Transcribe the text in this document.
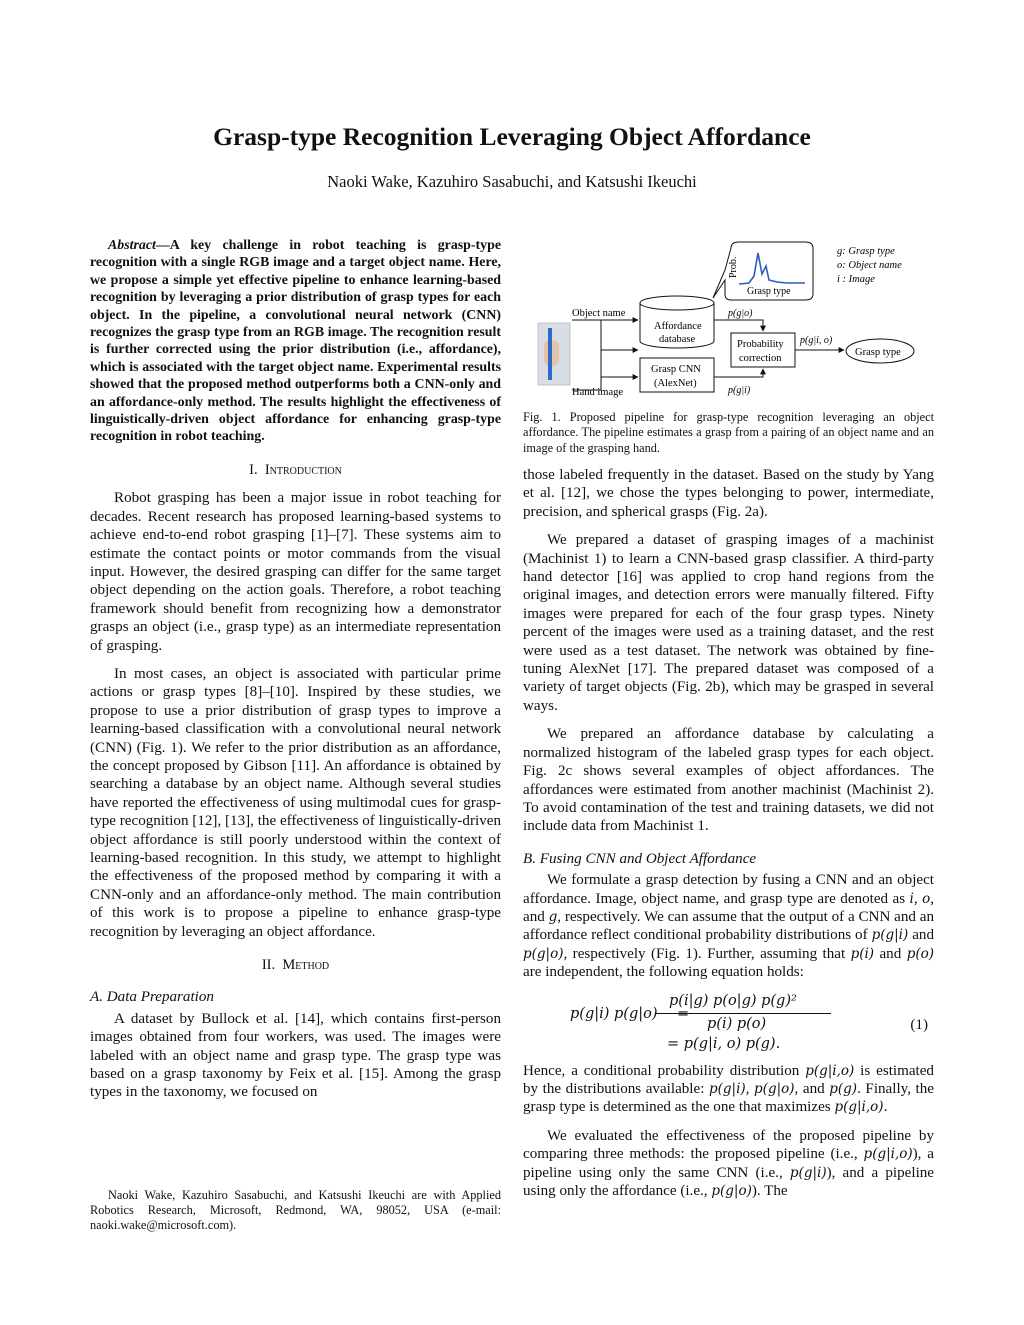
Grasp-type Recognition Leveraging Object Affordance
Naoki Wake, Kazuhiro Sasabuchi, and Katsushi Ikeuchi

Abstract—A key challenge in robot teaching is grasp-type recognition with a single RGB image and a target object name. Here, we propose a simple yet effective pipeline to enhance learning-based recognition by leveraging a prior distribution of grasp types for each object. In the pipeline, a convolutional neural network (CNN) recognizes the grasp type from an RGB image. The recognition result is further corrected using the prior distribution (i.e., affordance), which is associated with the target object name. Experimental results showed that the proposed method outperforms both a CNN-only and an affordance-only method. The results highlight the effectiveness of linguistically-driven object affordance for enhancing grasp-type recognition in robot teaching.

I. Introduction

Robot grasping has been a major issue in robot teaching for decades. Recent research has proposed learning-based systems to achieve end-to-end robot grasping [1]–[7]. These systems aim to estimate the contact points or motor commands from the visual input. However, the desired grasping can differ for the same target object depending on the action goals. Therefore, a robot teaching framework should benefit from recognizing how a demonstrator grasps an object (i.e., grasp type) as an intermediate representation of grasping.

In most cases, an object is associated with particular prime actions or grasp types [8]–[10]. Inspired by these studies, we propose to use a prior distribution of grasp types to improve a learning-based classification with a convolutional neural network (CNN) (Fig. 1). We refer to the prior distribution as an affordance, the concept proposed by Gibson [11]. An affordance is obtained by searching a database by an object name. Although several studies have reported the effectiveness of using multimodal cues for grasp-type recognition [12], [13], the effectiveness of linguistically-driven object affordance is still poorly understood within the context of learning-based recognition. In this study, we attempt to highlight the effectiveness of the proposed method by comparing it with a CNN-only and an affordance-only method. The main contribution of this work is to propose a pipeline to enhance grasp-type recognition by leveraging an object affordance.

II. Method
A. Data Preparation

A dataset by Bullock et al. [14], which contains first-person images obtained from four workers, was used. The images were labeled with an object name and grasp type. The grasp type was based on a grasp taxonomy by Feix et al. [15]. Among the grasp types in the taxonomy, we focused on

Naoki Wake, Kazuhiro Sasabuchi, and Katsushi Ikeuchi are with Applied Robotics Research, Microsoft, Redmond, WA, 98052, USA (e-mail: naoki.wake@microsoft.com).
Prob.
Grasp type
g: Grasp type
o: Object name
i : Image
Object name
Hand image
Affordance
database
Grasp CNN
(AlexNet)
Probability
correction
Grasp type
p(g|o)
p(g|i)
p(g|i, o)
Fig. 1. Proposed pipeline for grasp-type recognition leveraging an object affordance. The pipeline estimates a grasp from a pairing of an object name and an image of the grasping hand.

those labeled frequently in the dataset. Based on the study by Yang et al. [12], we chose the types belonging to power, intermediate, precision, and spherical grasps (Fig. 2a).

We prepared a dataset of grasping images of a machinist (Machinist 1) to learn a CNN-based grasp classifier. A third-party hand detector [16] was applied to crop hand regions from the original images, and detection errors were manually filtered. Fifty images were prepared for each of the four grasp types. Ninety percent of the images were used as a training dataset, and the rest were used as a test dataset. The network was obtained by fine-tuning AlexNet [17]. The prepared dataset was composed of a variety of target objects (Fig. 2b), which may be grasped in several ways.

We prepared an affordance database by calculating a normalized histogram of the labeled grasp types for each object. Fig. 2c shows several examples of object affordances. The affordances were estimated from another machinist (Machinist 2). To avoid contamination of the test and training datasets, we did not include data from Machinist 1.

B. Fusing CNN and Object Affordance

We formulate a grasp detection by fusing a CNN and an object affordance. Image, object name, and grasp type are denoted as i, o, and g, respectively. We can assume that the output of a CNN and an affordance reflect conditional probability distributions of p(g|i) and p(g|o), respectively (Fig. 1). Further, assuming that p(i) and p(o) are independent, the following equation holds:

p(g|i) p(g|o)
p(i|g) p(o|g) p(g)²
=
p(i) p(o)
= p(g|i, o) p(g).
(1)

Hence, a conditional probability distribution p(g|i,o) is estimated by the distributions available: p(g|i), p(g|o), and p(g). Finally, the grasp type is determined as the one that maximizes p(g|i,o).

We evaluated the effectiveness of the proposed pipeline by comparing three methods: the proposed pipeline (i.e., p(g|i,o)), a pipeline using only the same CNN (i.e., p(g|i)), and a pipeline using only the affordance (i.e., p(g|o)). The
